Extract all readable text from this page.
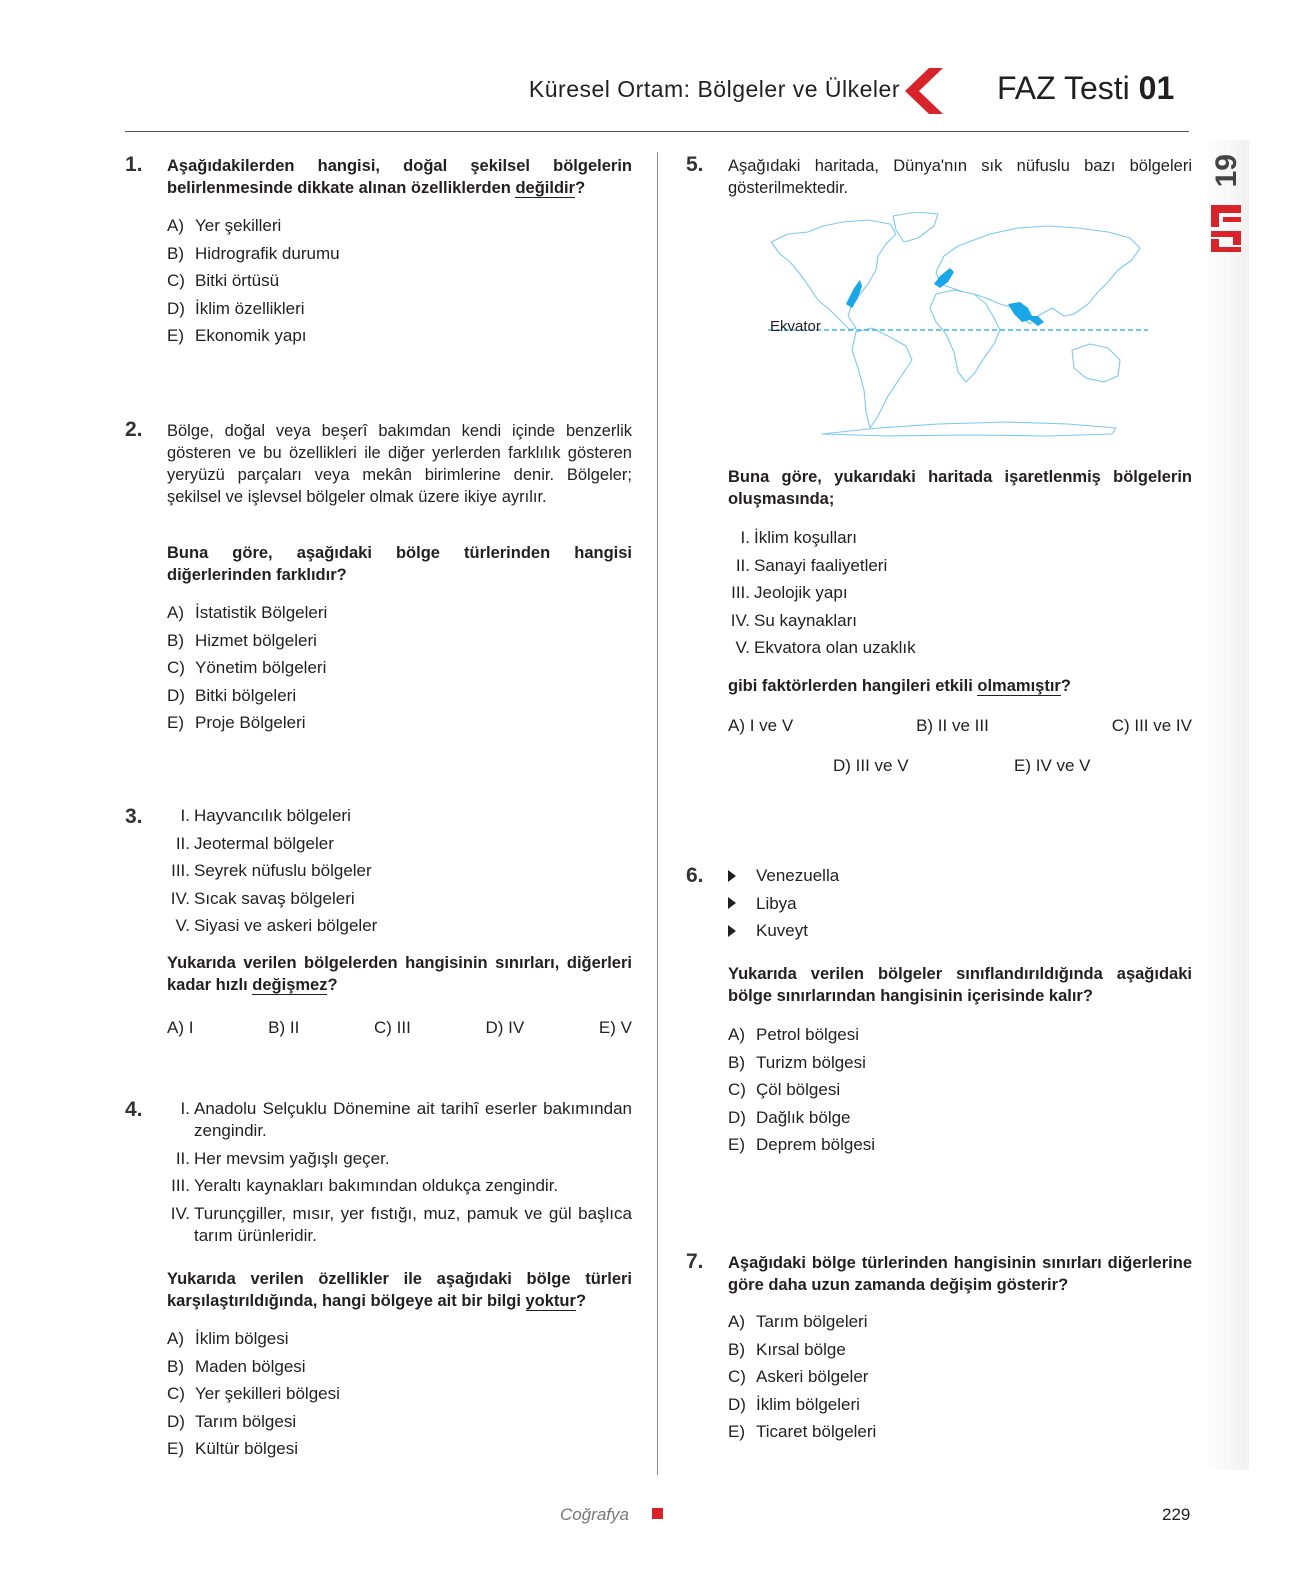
Küresel Ortam: Bölgeler ve Ülkeler	FAZ Testi 01
19
1. Aşağıdakilerden hangisi, doğal şekilsel bölgelerin belirlenmesinde dikkate alınan özelliklerden değildir?
A) Yer şekilleri
B) Hidrografik durumu
C) Bitki örtüsü
D) İklim özellikleri
E) Ekonomik yapı
2. Bölge, doğal veya beşerî bakımdan kendi içinde benzerlik gösteren ve bu özellikleri ile diğer yerlerden farklılık gösteren yeryüzü parçaları veya mekân birimlerine denir. Bölgeler; şekilsel ve işlevsel bölgeler olmak üzere ikiye ayrılır.
Buna göre, aşağıdaki bölge türlerinden hangisi diğerlerinden farklıdır?
A) İstatistik Bölgeleri
B) Hizmet bölgeleri
C) Yönetim bölgeleri
D) Bitki bölgeleri
E) Proje Bölgeleri
3.	I. Hayvancılık bölgeleri
II. Jeotermal bölgeler
III. Seyrek nüfuslu bölgeler
IV. Sıcak savaş bölgeleri
V. Siyasi ve askeri bölgeler
Yukarıda verilen bölgelerden hangisinin sınırları, diğerleri kadar hızlı değişmez?
A) I	B) II	C) III	D) IV	E) V
4.	I. Anadolu Selçuklu Dönemine ait tarihî eserler bakımından zengindir.
II. Her mevsim yağışlı geçer.
III. Yeraltı kaynakları bakımından oldukça zengindir.
IV. Turunçgiller, mısır, yer fıstığı, muz, pamuk ve gül başlıca tarım ürünleridir.
Yukarıda verilen özellikler ile aşağıdaki bölge türleri karşılaştırıldığında, hangi bölgeye ait bir bilgi yoktur?
A) İklim bölgesi
B) Maden bölgesi
C) Yer şekilleri bölgesi
D) Tarım bölgesi
E) Kültür bölgesi
5. Aşağıdaki haritada, Dünya'nın sık nüfuslu bazı bölgeleri gösterilmektedir.
Ekvator
Buna göre, yukarıdaki haritada işaretlenmiş bölgelerin oluşmasında;
I. İklim koşulları
II. Sanayi faaliyetleri
III. Jeolojik yapı
IV. Su kaynakları
V. Ekvatora olan uzaklık
gibi faktörlerden hangileri etkili olmamıştır?
A) I ve V	B) II ve III	C) III ve IV
D) III ve V	E) IV ve V
6.	Venezuella
Libya
Kuveyt
Yukarıda verilen bölgeler sınıflandırıldığında aşağıdaki bölge sınırlarından hangisinin içerisinde kalır?
A) Petrol bölgesi
B) Turizm bölgesi
C) Çöl bölgesi
D) Dağlık bölge
E) Deprem bölgesi
7. Aşağıdaki bölge türlerinden hangisinin sınırları diğerlerine göre daha uzun zamanda değişim gösterir?
A) Tarım bölgeleri
B) Kırsal bölge
C) Askeri bölgeler
D) İklim bölgeleri
E) Ticaret bölgeleri
Coğrafya	229
